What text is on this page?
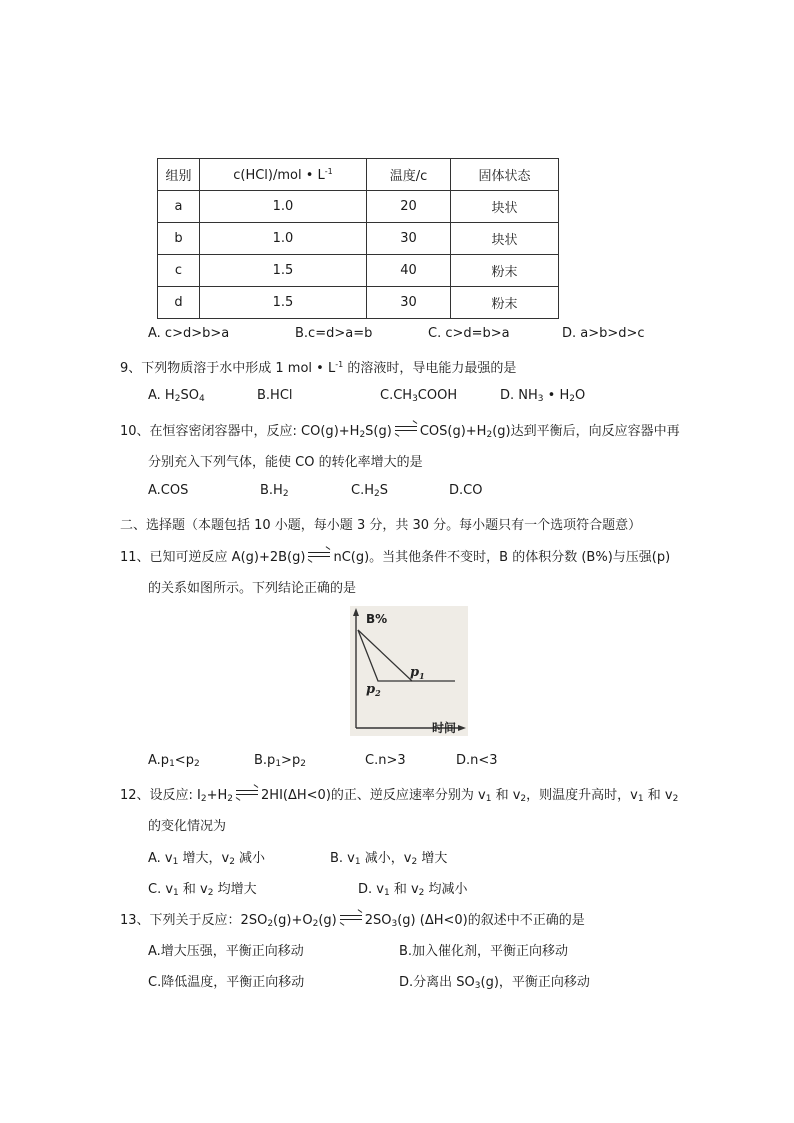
组别	c(HCl)/mol • $L^{-1}$	温度/c	固体状态
a	1.0	20	块状
b	1.0	30	块状
c	1.5	40	粉末
d	1.5	30	粉末
A. c>d>b>a	B.c=d>a=b	C. c>d=b>a	D. a>b>d>c
9、下列物质溶于水中形成 1 mol • $L^{-1}$ 的溶液时，导电能力最强的是
A. $H_2SO_4$	B.HCl	$C.CH_3COOH$	D. $NH_3$ • $H_2O$
10、在恒容密闭容器中，反应: $CO(g)+H_2S(g)$ $COS(g)+H_2(g)$达到平衡后，向反应容器中再
分别充入下列气体，能使 CO 的转化率增大的是
A.COS	$B.H_2$	$C.H_2S$	D.CO
二、选择题（本题包括 10 小题，每小题 3 分，共 30 分。每小题只有一个选项符合题意）
11、已知可逆反应 A(g)+2B(g) nC(g)。当其他条件不变时，B 的体积分数 (B%)与压强(p)
的关系如图所示。下列结论正确的是
B%
$p_1$
$p_2$
时间
$A.p_1<p_2$	$B.p_1>p_2$	C.n>3	D.n<3
12、设反应: $I_2+H_2$ 2HI(ΔH<0)的正、逆反应速率分别为 $v_1$ 和 $v_2$，则温度升高时，$v_1$ 和 $v_2$
的变化情况为
A. $v_1$ 增大，$v_2$ 减小	B. $v_1$ 减小，$v_2$ 增大
C. $v_1$ 和 $v_2$ 均增大	D. $v_1$ 和 $v_2$ 均减小
13、下列关于反应：$2SO_2(g)+O_2(g)$ $2SO_3(g)$ (ΔH<0)的叙述中不正确的是
A.增大压强，平衡正向移动	B.加入催化剂，平衡正向移动
C.降低温度，平衡正向移动	D.分离出 $SO_3(g)$，平衡正向移动
